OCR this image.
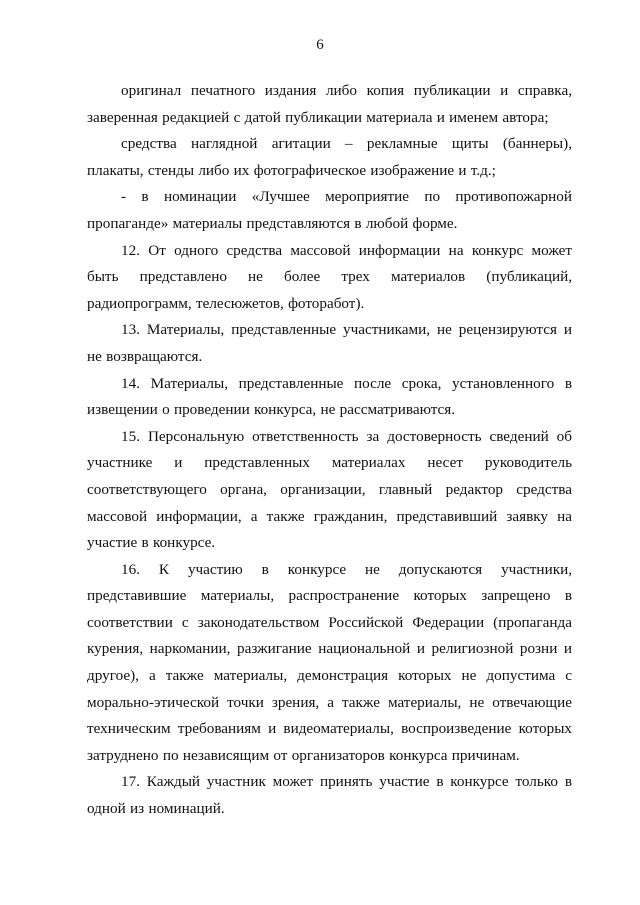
6

оригинал печатного издания либо копия публикации и справка, заверенная редакцией с датой публикации материала и именем автора;

средства наглядной агитации – рекламные щиты (баннеры), плакаты, стенды либо их фотографическое изображение и т.д.;

- в номинации «Лучшее мероприятие по противопожарной пропаганде» материалы представляются в любой форме.

12. От одного средства массовой информации на конкурс может быть представлено не более трех материалов (публикаций, радиопрограмм, телесюжетов, фоторабот).

13. Материалы, представленные участниками, не рецензируются и не возвращаются.

14. Материалы, представленные после срока, установленного в извещении о проведении конкурса, не рассматриваются.

15. Персональную ответственность за достоверность сведений об участнике и представленных материалах несет руководитель соответствующего органа, организации, главный редактор средства массовой информации, а также гражданин, представивший заявку на участие в конкурсе.

16. К участию в конкурсе не допускаются участники, представившие материалы, распространение которых запрещено в соответствии с законодательством Российской Федерации (пропаганда курения, наркомании, разжигание национальной и религиозной розни и другое), а также материалы, демонстрация которых не допустима с морально-этической точки зрения, а также материалы, не отвечающие техническим требованиям и видеоматериалы, воспроизведение которых затруднено по независящим от организаторов конкурса причинам.

17. Каждый участник может принять участие в конкурсе только в одной из номинаций.
